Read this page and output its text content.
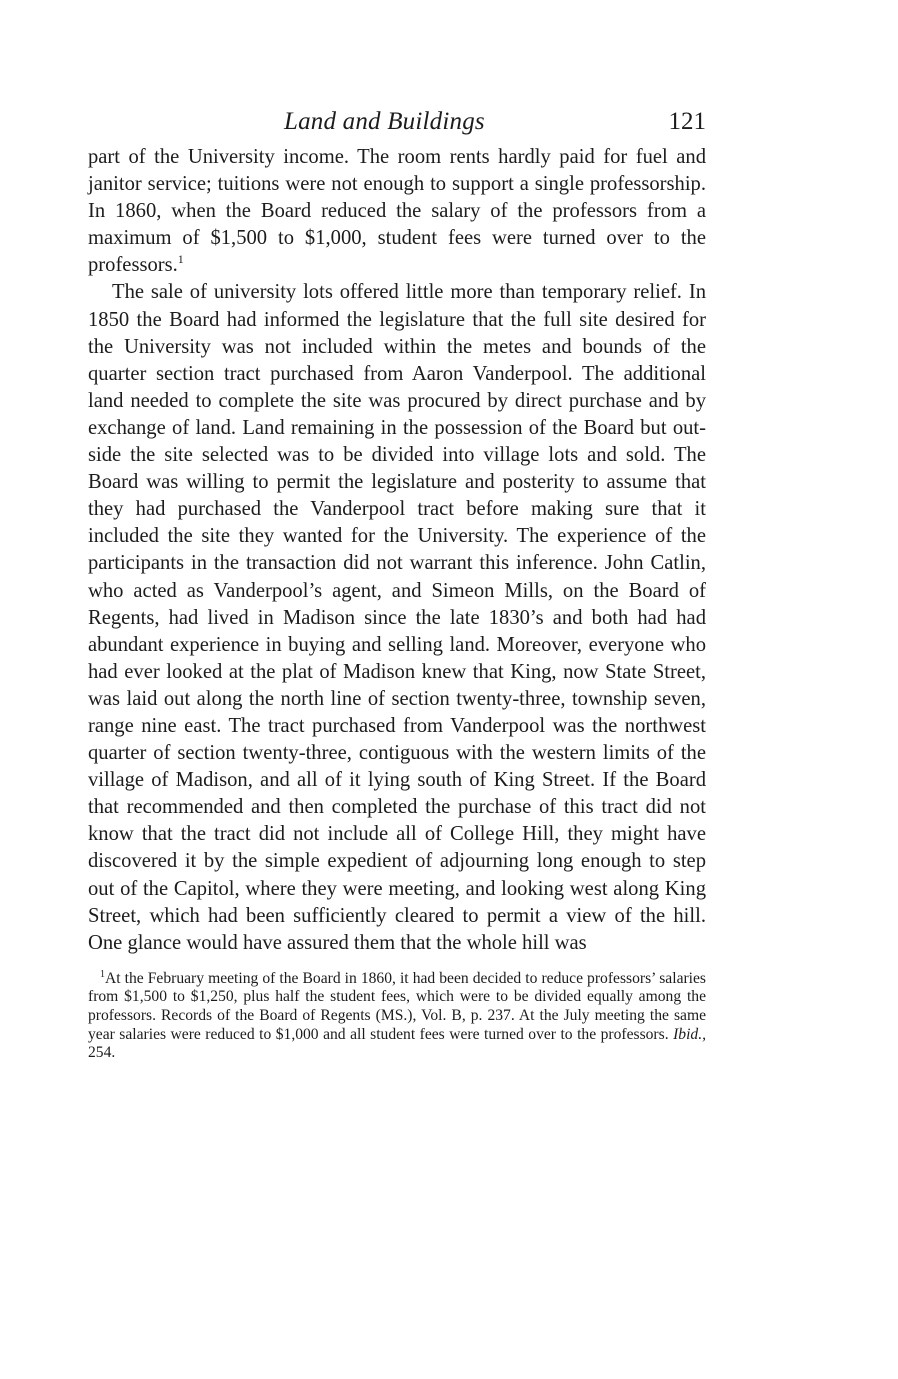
Land and Buildings	121

part of the University income. The room rents hardly paid for fuel and janitor service; tuitions were not enough to support a single professorship. In 1860, when the Board reduced the salary of the professors from a maximum of $1,500 to $1,000, student fees were turned over to the professors.$^1$

The sale of university lots offered little more than temporary relief. In 1850 the Board had informed the legislature that the full site desired for the University was not included within the metes and bounds of the quarter section tract purchased from Aaron Vanderpool. The additional land needed to complete the site was procured by direct purchase and by exchange of land. Land remaining in the possession of the Board but outside the site selected was to be divided into village lots and sold. The Board was willing to permit the legislature and posterity to assume that they had purchased the Vanderpool tract before making sure that it included the site they wanted for the University. The experience of the participants in the transaction did not warrant this inference. John Catlin, who acted as Vanderpool’s agent, and Simeon Mills, on the Board of Regents, had lived in Madison since the late 1830’s and both had had abundant experience in buying and selling land. Moreover, everyone who had ever looked at the plat of Madison knew that King, now State Street, was laid out along the north line of section twenty-three, township seven, range nine east. The tract purchased from Vanderpool was the northwest quarter of section twenty-three, contiguous with the western limits of the village of Madison, and all of it lying south of King Street. If the Board that recommended and then completed the purchase of this tract did not know that the tract did not include all of College Hill, they might have discovered it by the simple expedient of adjourning long enough to step out of the Capitol, where they were meeting, and looking west along King Street, which had been sufficiently cleared to permit a view of the hill. One glance would have assured them that the whole hill was

$^1$At the February meeting of the Board in 1860, it had been decided to reduce professors’ salaries from $1,500 to $1,250, plus half the student fees, which were to be divided equally among the professors. Records of the Board of Regents (MS.), Vol. B, p. 237. At the July meeting the same year salaries were reduced to $1,000 and all student fees were turned over to the professors. Ibid., 254.
